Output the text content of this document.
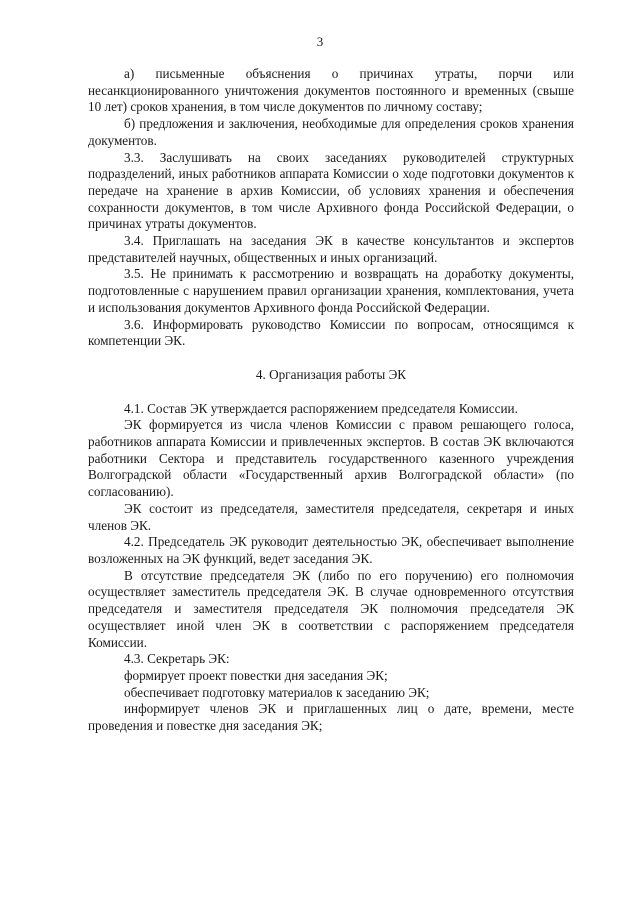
3

а) письменные объяснения о причинах утраты, порчи или несанкционированного уничтожения документов постоянного и временных (свыше 10 лет) сроков хранения, в том числе документов по личному составу;

б) предложения и заключения, необходимые для определения сроков хранения документов.

3.3. Заслушивать на своих заседаниях руководителей структурных подразделений, иных работников аппарата Комиссии о ходе подготовки документов к передаче на хранение в архив Комиссии, об условиях хранения и обеспечения сохранности документов, в том числе Архивного фонда Российской Федерации, о причинах утраты документов.

3.4. Приглашать на заседания ЭК в качестве консультантов и экспертов представителей научных, общественных и иных организаций.

3.5. Не принимать к рассмотрению и возвращать на доработку документы, подготовленные с нарушением правил организации хранения, комплектования, учета и использования документов Архивного фонда Российской Федерации.

3.6. Информировать руководство Комиссии по вопросам, относящимся к компетенции ЭК.

4. Организация работы ЭК

4.1. Состав ЭК утверждается распоряжением председателя Комиссии.

ЭК формируется из числа членов Комиссии с правом решающего голоса, работников аппарата Комиссии и привлеченных экспертов. В состав ЭК включаются работники Сектора и представитель государственного казенного учреждения Волгоградской области «Государственный архив Волгоградской области» (по согласованию).

ЭК состоит из председателя, заместителя председателя, секретаря и иных членов ЭК.

4.2. Председатель ЭК руководит деятельностью ЭК, обеспечивает выполнение возложенных на ЭК функций, ведет заседания ЭК.

В отсутствие председателя ЭК (либо по его поручению) его полномочия осуществляет заместитель председателя ЭК. В случае одновременного отсутствия председателя и заместителя председателя ЭК полномочия председателя ЭК осуществляет иной член ЭК в соответствии с распоряжением председателя Комиссии.

4.3. Секретарь ЭК:

формирует проект повестки дня заседания ЭК;

обеспечивает подготовку материалов к заседанию ЭК;

информирует членов ЭК и приглашенных лиц о дате, времени, месте проведения и повестке дня заседания ЭК;
